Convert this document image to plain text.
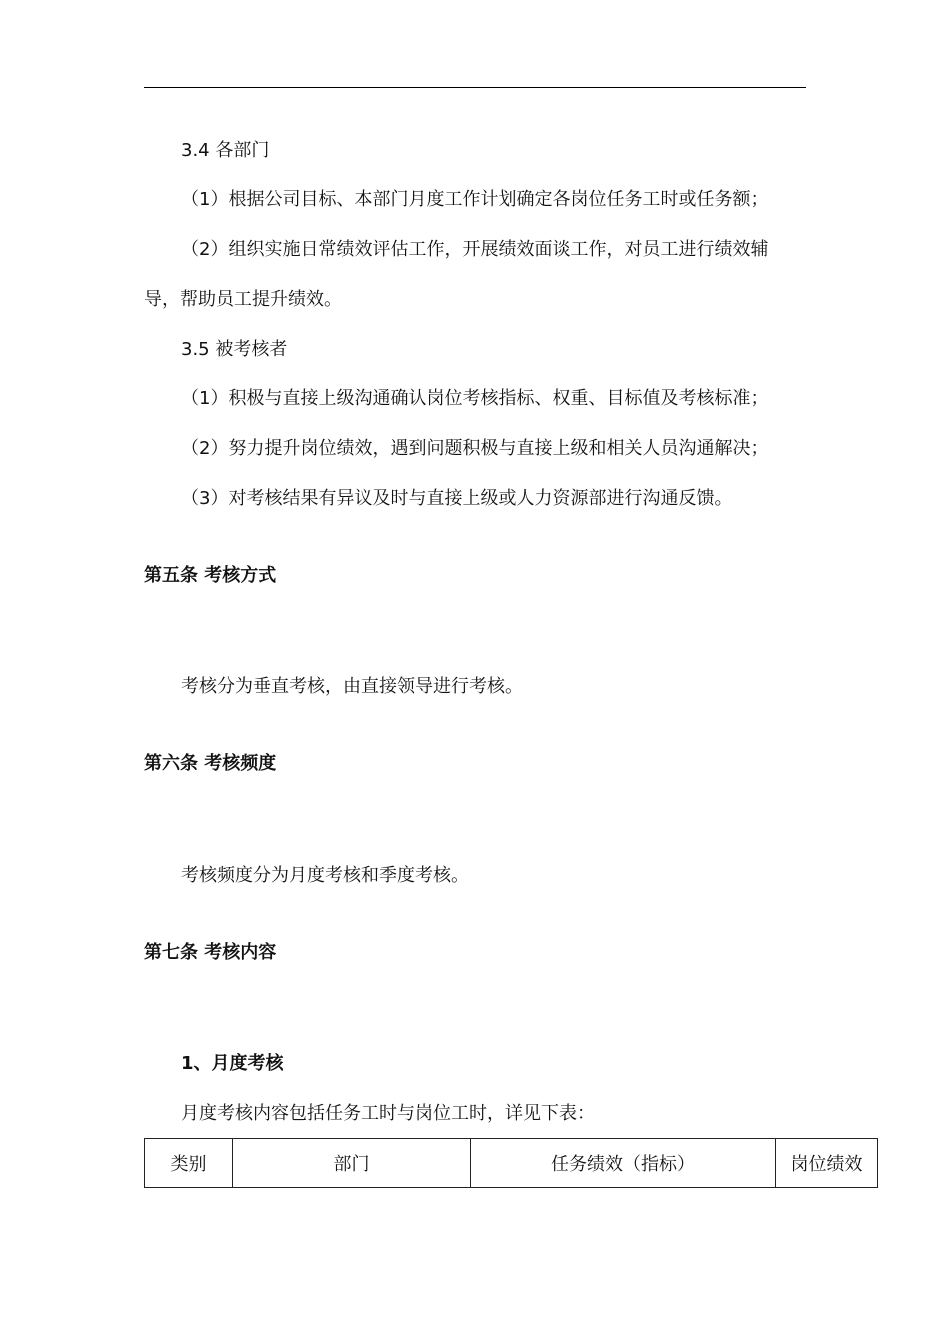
3.4 各部门
（1）根据公司目标、本部门月度工作计划确定各岗位任务工时或任务额；
（2）组织实施日常绩效评估工作，开展绩效面谈工作，对员工进行绩效辅
导，帮助员工提升绩效。
3.5 被考核者
（1）积极与直接上级沟通确认岗位考核指标、权重、目标值及考核标准；
（2）努力提升岗位绩效，遇到问题积极与直接上级和相关人员沟通解决；
（3）对考核结果有异议及时与直接上级或人力资源部进行沟通反馈。
第五条 考核方式
考核分为垂直考核，由直接领导进行考核。
第六条 考核频度
考核频度分为月度考核和季度考核。
第七条 考核内容
1、月度考核
月度考核内容包括任务工时与岗位工时，详见下表：
类别	部门	任务绩效（指标）	岗位绩效
